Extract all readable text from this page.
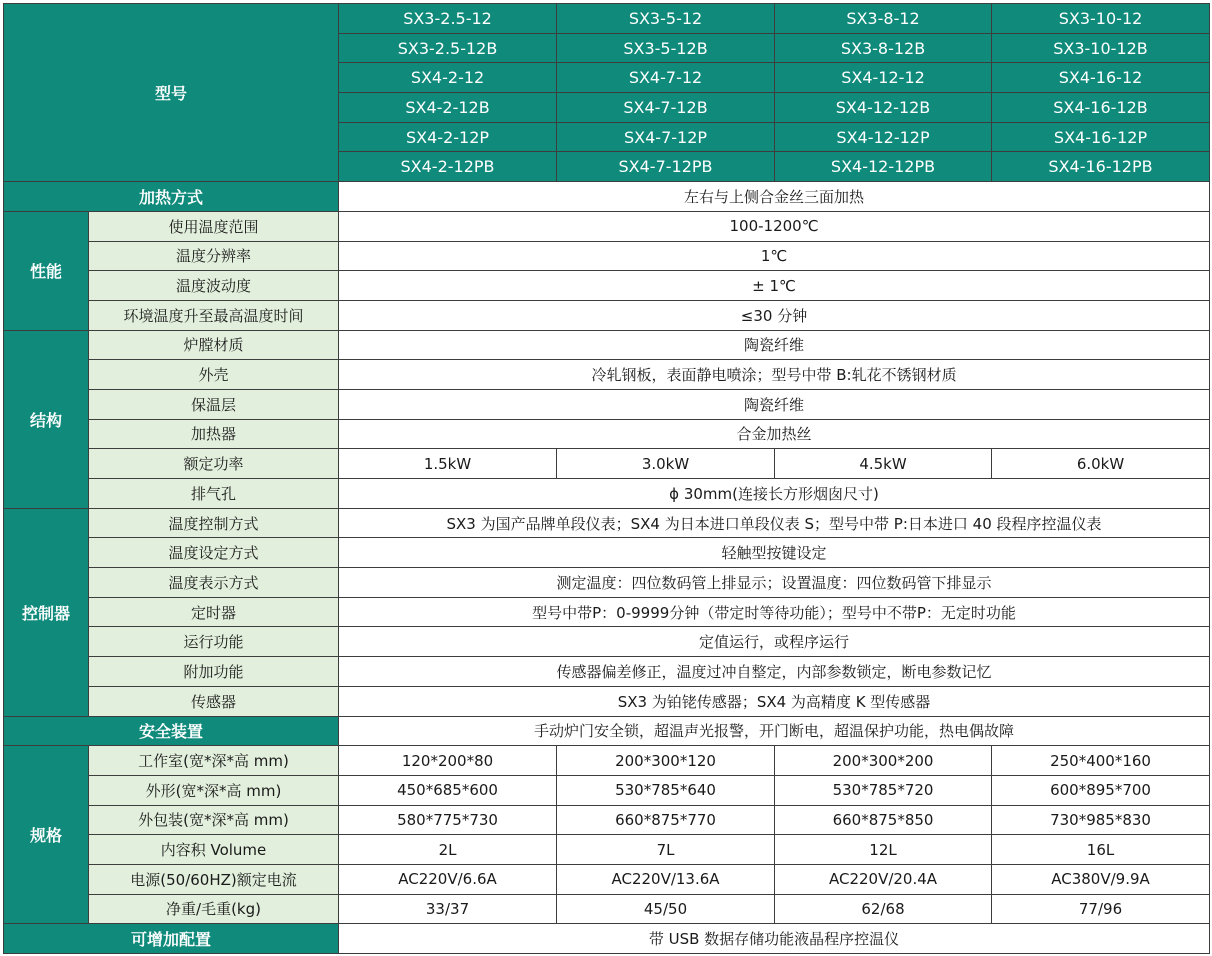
型号		SX3-2.5-12	SX3-5-12	SX3-8-12	SX3-10-12
		SX3-2.5-12B	SX3-5-12B	SX3-8-12B	SX3-10-12B
		SX4-2-12	SX4-7-12	SX4-12-12	SX4-16-12
		SX4-2-12B	SX4-7-12B	SX4-12-12B	SX4-16-12B
		SX4-2-12P	SX4-7-12P	SX4-12-12P	SX4-16-12P
		SX4-2-12PB	SX4-7-12PB	SX4-12-12PB	SX4-16-12PB
加热方式		左右与上侧合金丝三面加热			
性能	使用温度范围	100-1200℃			
	温度分辨率	1℃			
	温度波动度	± 1℃			
	环境温度升至最高温度时间	≤30 分钟			
结构	炉膛材质	陶瓷纤维			
	外壳	冷轧钢板，表面静电喷涂；型号中带 B:轧花不锈钢材质			
	保温层	陶瓷纤维			
	加热器	合金加热丝			
	额定功率	1.5kW	3.0kW	4.5kW	6.0kW
	排气孔	ϕ 30mm(连接长方形烟囱尺寸)			
控制器	温度控制方式	SX3 为国产品牌单段仪表；SX4 为日本进口单段仪表 S；型号中带 P:日本进口 40 段程序控温仪表			
	温度设定方式	轻触型按键设定			
	温度表示方式	测定温度：四位数码管上排显示；设置温度：四位数码管下排显示			
	定时器	型号中带P：0-9999分钟（带定时等待功能）；型号中不带P：无定时功能			
	运行功能	定值运行，或程序运行			
	附加功能	传感器偏差修正，温度过冲自整定，内部参数锁定，断电参数记忆			
	传感器	SX3 为铂铑传感器；SX4 为高精度 K 型传感器			
安全装置		手动炉门安全锁，超温声光报警，开门断电，超温保护功能，热电偶故障			
规格	工作室(宽*深*高 mm)	120*200*80	200*300*120	200*300*200	250*400*160
	外形(宽*深*高 mm)	450*685*600	530*785*640	530*785*720	600*895*700
	外包装(宽*深*高 mm)	580*775*730	660*875*770	660*875*850	730*985*830
	内容积 Volume	2L	7L	12L	16L
	电源(50/60HZ)额定电流	AC220V/6.6A	AC220V/13.6A	AC220V/20.4A	AC380V/9.9A
	净重/毛重(kg)	33/37	45/50	62/68	77/96
可增加配置		带 USB 数据存储功能液晶程序控温仪			
